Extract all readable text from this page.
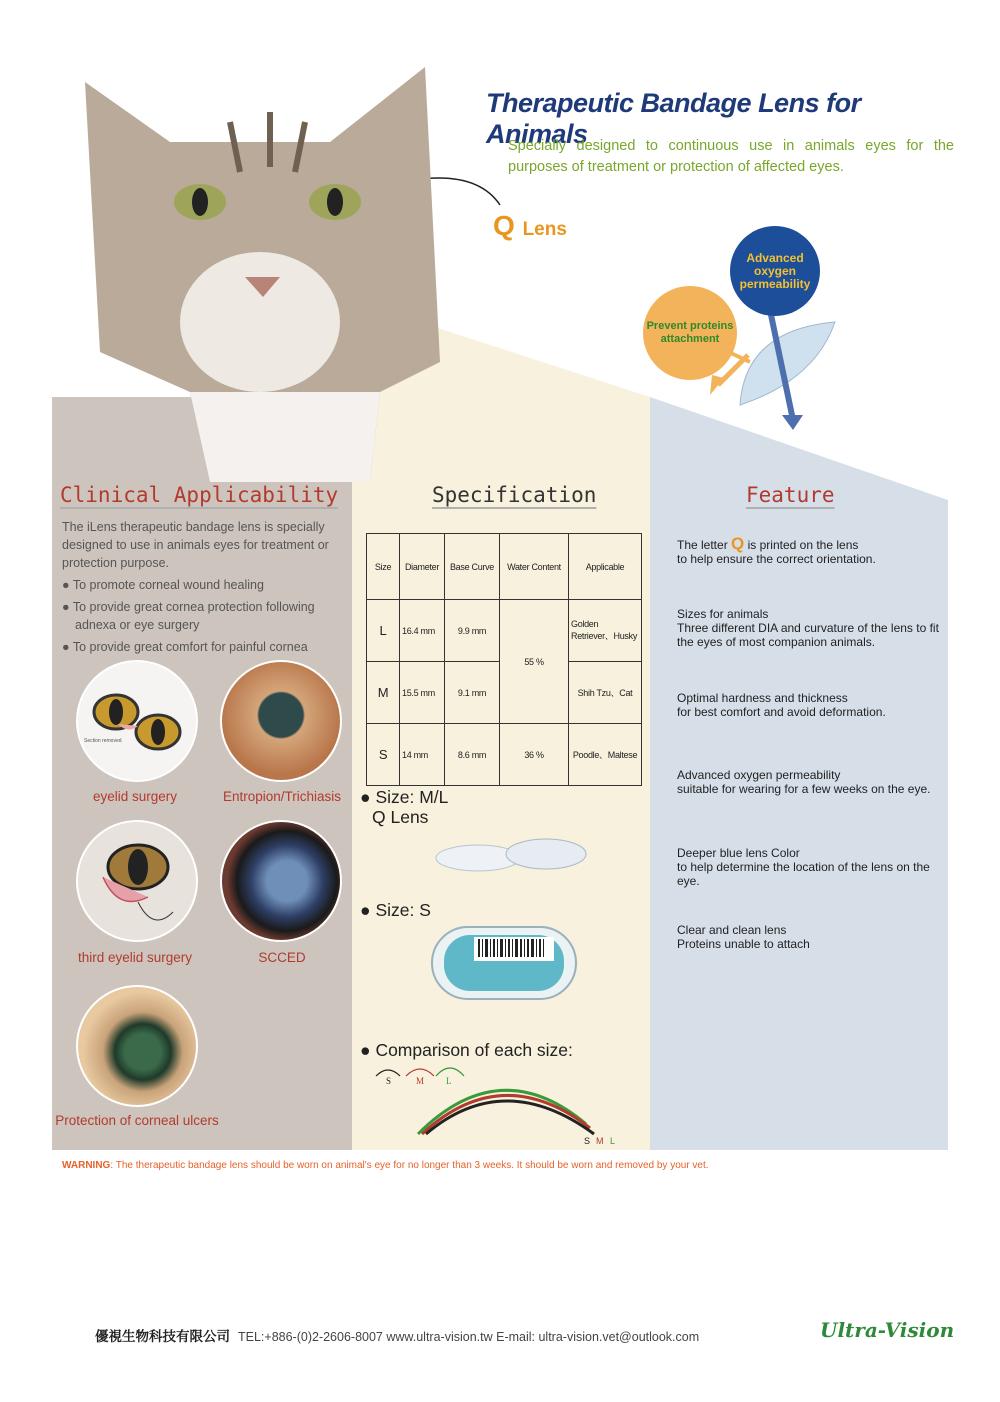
Therapeutic Bandage Lens for Animals
Specially designed to continuous use in animals eyes for the purposes of treatment or protection of affected eyes.
Q Lens
Advanced oxygen permeability
Prevent proteins attachment
Clinical Applicability
The iLens therapeutic bandage lens is specially designed to use in animals eyes for treatment or protection purpose.
● To promote corneal wound healing
● To provide great cornea protection following adnexa or eye surgery
● To provide great comfort for painful cornea
Section removed
eyelid surgery	Entropion/Trichiasis
third eyelid surgery	SCCED
Protection of corneal ulcers
Specification
Size	Diameter	Base Curve	Water Content	Applicable
L	16.4 mm	9.9 mm	55 %	Golden Retriever、Husky
M	15.5 mm	9.1 mm		Shih Tzu、Cat
S	14 mm	8.6 mm	36 %	Poodle、Maltese
● Size: M/L
Q Lens
● Size: S
● Comparison of each size:
S	M L
S M L
Feature
The letter Q is printed on the lens
to help ensure the correct orientation.
Sizes for animals
Three different DIA and curvature of the lens to fit the eyes of most companion animals.
Optimal hardness and thickness
for best comfort and avoid deformation.
Advanced oxygen permeability
suitable for wearing for a few weeks on the eye.
Deeper blue lens Color
to help determine the location of the lens on the eye.
Clear and clean lens
Proteins unable to attach
WARNING: The therapeutic bandage lens should be worn on animal's eye for no longer than 3 weeks. It should be worn and removed by your vet.
優視生物科技有限公司 TEL:+886-(0)2-2606-8007 www.ultra-vision.tw E-mail: ultra-vision.vet@outlook.com	Ultra-Vision
